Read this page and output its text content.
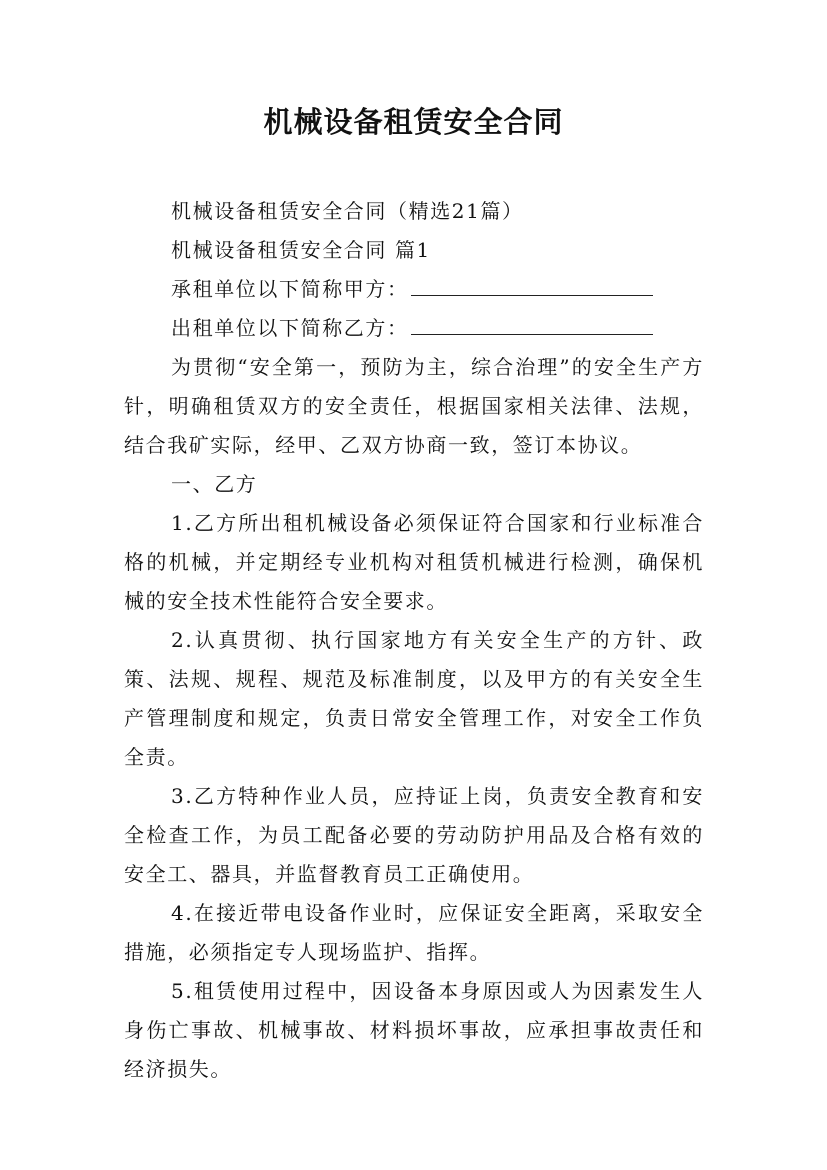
机械设备租赁安全合同

机械设备租赁安全合同（精选21篇）

机械设备租赁安全合同 篇1

承租单位以下简称甲方：

出租单位以下简称乙方：

为贯彻“安全第一，预防为主，综合治理”的安全生产方针，明确租赁双方的安全责任，根据国家相关法律、法规，结合我矿实际，经甲、乙双方协商一致，签订本协议。

一、乙方

1.乙方所出租机械设备必须保证符合国家和行业标准合格的机械，并定期经专业机构对租赁机械进行检测，确保机械的安全技术性能符合安全要求。

2.认真贯彻、执行国家地方有关安全生产的方针、政策、法规、规程、规范及标准制度，以及甲方的有关安全生产管理制度和规定，负责日常安全管理工作，对安全工作负全责。

3.乙方特种作业人员，应持证上岗，负责安全教育和安全检查工作，为员工配备必要的劳动防护用品及合格有效的安全工、器具，并监督教育员工正确使用。

4.在接近带电设备作业时，应保证安全距离，采取安全措施，必须指定专人现场监护、指挥。

5.租赁使用过程中，因设备本身原因或人为因素发生人身伤亡事故、机械事故、材料损坏事故，应承担事故责任和经济损失。
